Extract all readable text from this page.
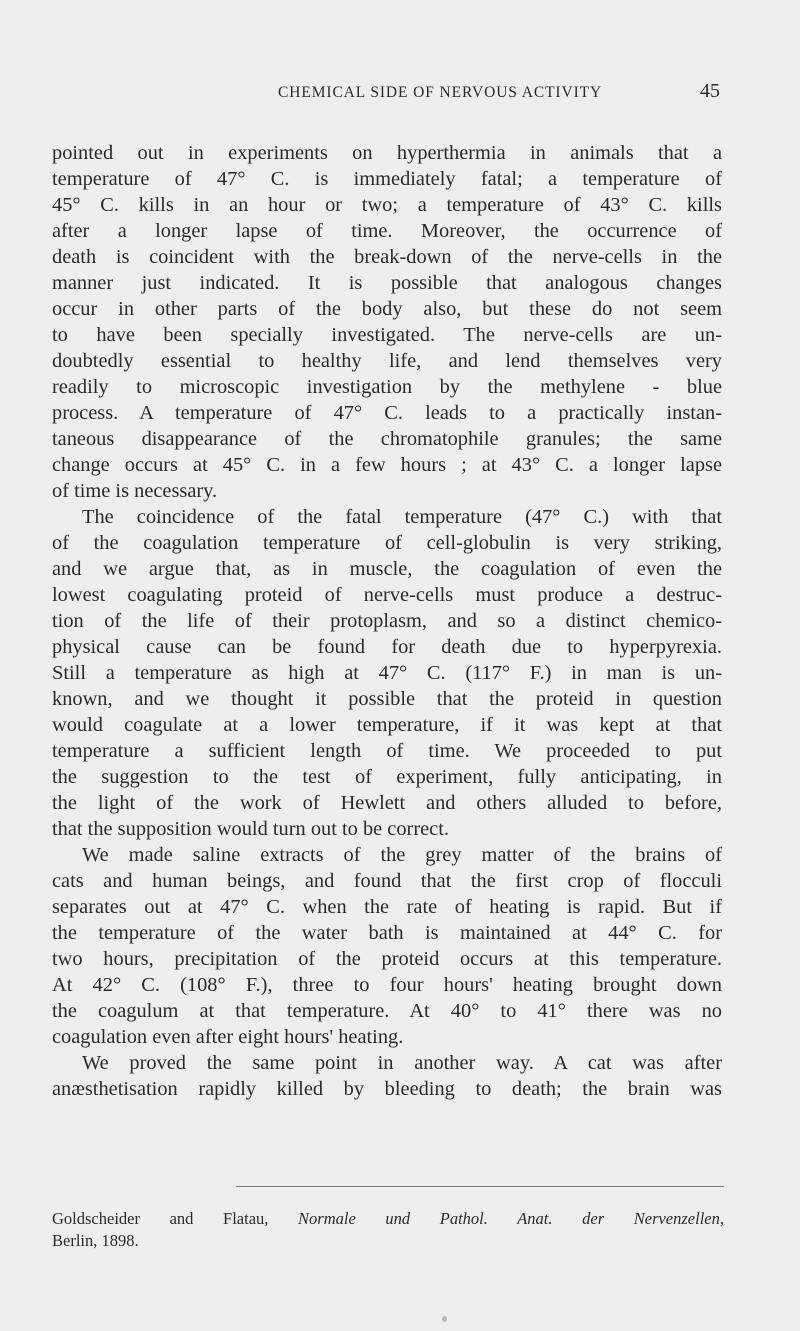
CHEMICAL SIDE OF NERVOUS ACTIVITY	45
pointed out in experiments on hyperthermia in animals that a
temperature of 47° C. is immediately fatal; a temperature of
45° C. kills in an hour or two; a temperature of 43° C. kills
after a longer lapse of time. Moreover, the occurrence of
death is coincident with the break-down of the nerve-cells in the
manner just indicated. It is possible that analogous changes
occur in other parts of the body also, but these do not seem
to have been specially investigated. The nerve-cells are un-
doubtedly essential to healthy life, and lend themselves very
readily to microscopic investigation by the methylene - blue
process. A temperature of 47° C. leads to a practically instan-
taneous disappearance of the chromatophile granules; the same
change occurs at 45° C. in a few hours ; at 43° C. a longer lapse
of time is necessary.
The coincidence of the fatal temperature (47° C.) with that
of the coagulation temperature of cell-globulin is very striking,
and we argue that, as in muscle, the coagulation of even the
lowest coagulating proteid of nerve-cells must produce a destruc-
tion of the life of their protoplasm, and so a distinct chemico-
physical cause can be found for death due to hyperpyrexia.
Still a temperature as high at 47° C. (117° F.) in man is un-
known, and we thought it possible that the proteid in question
would coagulate at a lower temperature, if it was kept at that
temperature a sufficient length of time. We proceeded to put
the suggestion to the test of experiment, fully anticipating, in
the light of the work of Hewlett and others alluded to before,
that the supposition would turn out to be correct.
We made saline extracts of the grey matter of the brains of
cats and human beings, and found that the first crop of flocculi
separates out at 47° C. when the rate of heating is rapid. But if
the temperature of the water bath is maintained at 44° C. for
two hours, precipitation of the proteid occurs at this temperature.
At 42° C. (108° F.), three to four hours' heating brought down
the coagulum at that temperature. At 40° to 41° there was no
coagulation even after eight hours' heating.
We proved the same point in another way. A cat was after
anæsthetisation rapidly killed by bleeding to death; the brain was
Goldscheider and Flatau, Normale und Pathol. Anat. der Nervenzellen,
Berlin, 1898.
